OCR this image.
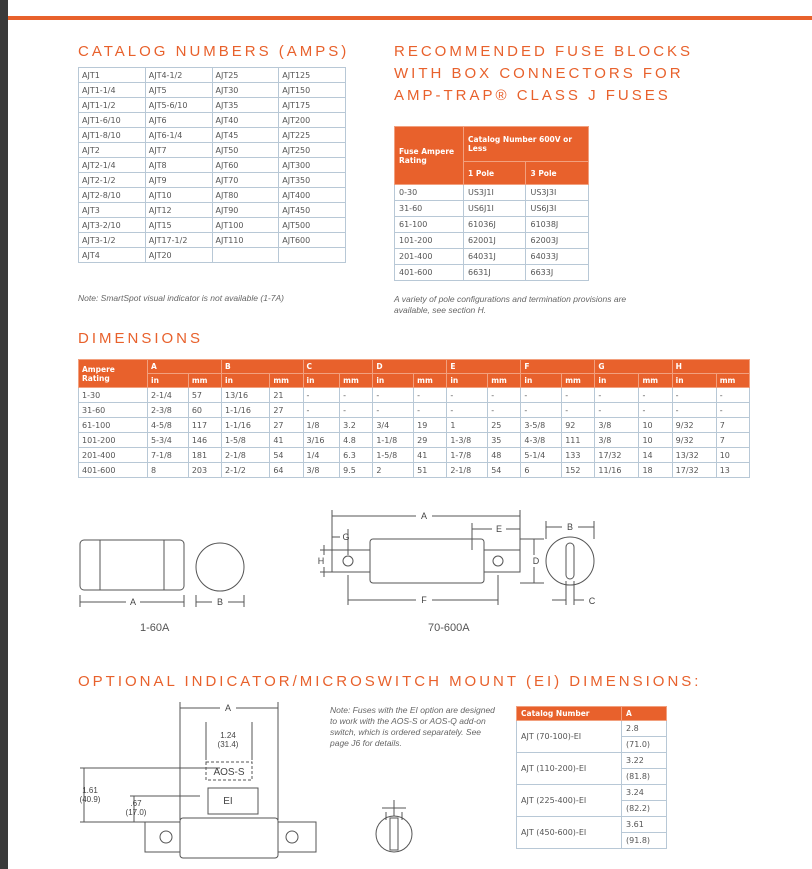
CATALOG NUMBERS (AMPS)
AJT1	AJT4-1/2	AJT25	AJT125
AJT1-1/4	AJT5	AJT30	AJT150
AJT1-1/2	AJT5-6/10	AJT35	AJT175
AJT1-6/10	AJT6	AJT40	AJT200
AJT1-8/10	AJT6-1/4	AJT45	AJT225
AJT2	AJT7	AJT50	AJT250
AJT2-1/4	AJT8	AJT60	AJT300
AJT2-1/2	AJT9	AJT70	AJT350
AJT2-8/10	AJT10	AJT80	AJT400
AJT3	AJT12	AJT90	AJT450
AJT3-2/10	AJT15	AJT100	AJT500
AJT3-1/2	AJT17-1/2	AJT110	AJT600
AJT4	AJT20		
Note: SmartSpot visual indicator is not available (1-7A)
RECOMMENDED FUSE BLOCKS
WITH BOX CONNECTORS FOR
AMP-TRAP® CLASS J FUSES
Fuse Ampere Rating	Catalog Number 600V or Less	
	1 Pole	3 Pole
0-30	US3J1I	US3J3I
31-60	US6J1I	US6J3I
61-100	61036J	61038J
101-200	62001J	62003J
201-400	64031J	64033J
401-600	6631J	6633J
A variety of pole configurations and termination provisions are available, see section H.
DIMENSIONS
Ampere Rating	A		B		C		D		E		F		G		H	
	in	mm	in	mm	in	mm	in	mm	in	mm	in	mm	in	mm	in	mm
1-30	2-1/4	57	13/16	21	-	-	-	-	-	-	-	-	-	-	-	-
31-60	2-3/8	60	1-1/16	27	-	-	-	-	-	-	-	-	-	-	-	-
61-100	4-5/8	117	1-1/16	27	1/8	3.2	3/4	19	1	25	3-5/8	92	3/8	10	9/32	7
101-200	5-3/4	146	1-5/8	41	3/16	4.8	1-1/8	29	1-3/8	35	4-3/8	111	3/8	10	9/32	7
201-400	7-1/8	181	2-1/8	54	1/4	6.3	1-5/8	41	1-7/8	48	5-1/4	133	17/32	14	13/32	10
401-600	8	203	2-1/2	64	3/8	9.5	2	51	2-1/8	54	6	152	11/16	18	17/32	13
A	B
1-60A
A
E
G
H
F
D
B
C
70-600A
OPTIONAL INDICATOR/MICROSWITCH MOUNT (EI) DIMENSIONS:
A
1.24
(31.4)
AOS-S
EI
1.61
(40.9)	.67
(17.0)
Note: Fuses with the EI option are designed to work with the AOS-S or AOS-Q add-on switch, which is ordered separately. See page J6 for details.
Catalog Number	A
AJT (70-100)-EI	2.8
	(71.0)
AJT (110-200)-EI	3.22
	(81.8)
AJT (225-400)-EI	3.24
	(82.2)
AJT (450-600)-EI	3.61
	(91.8)
